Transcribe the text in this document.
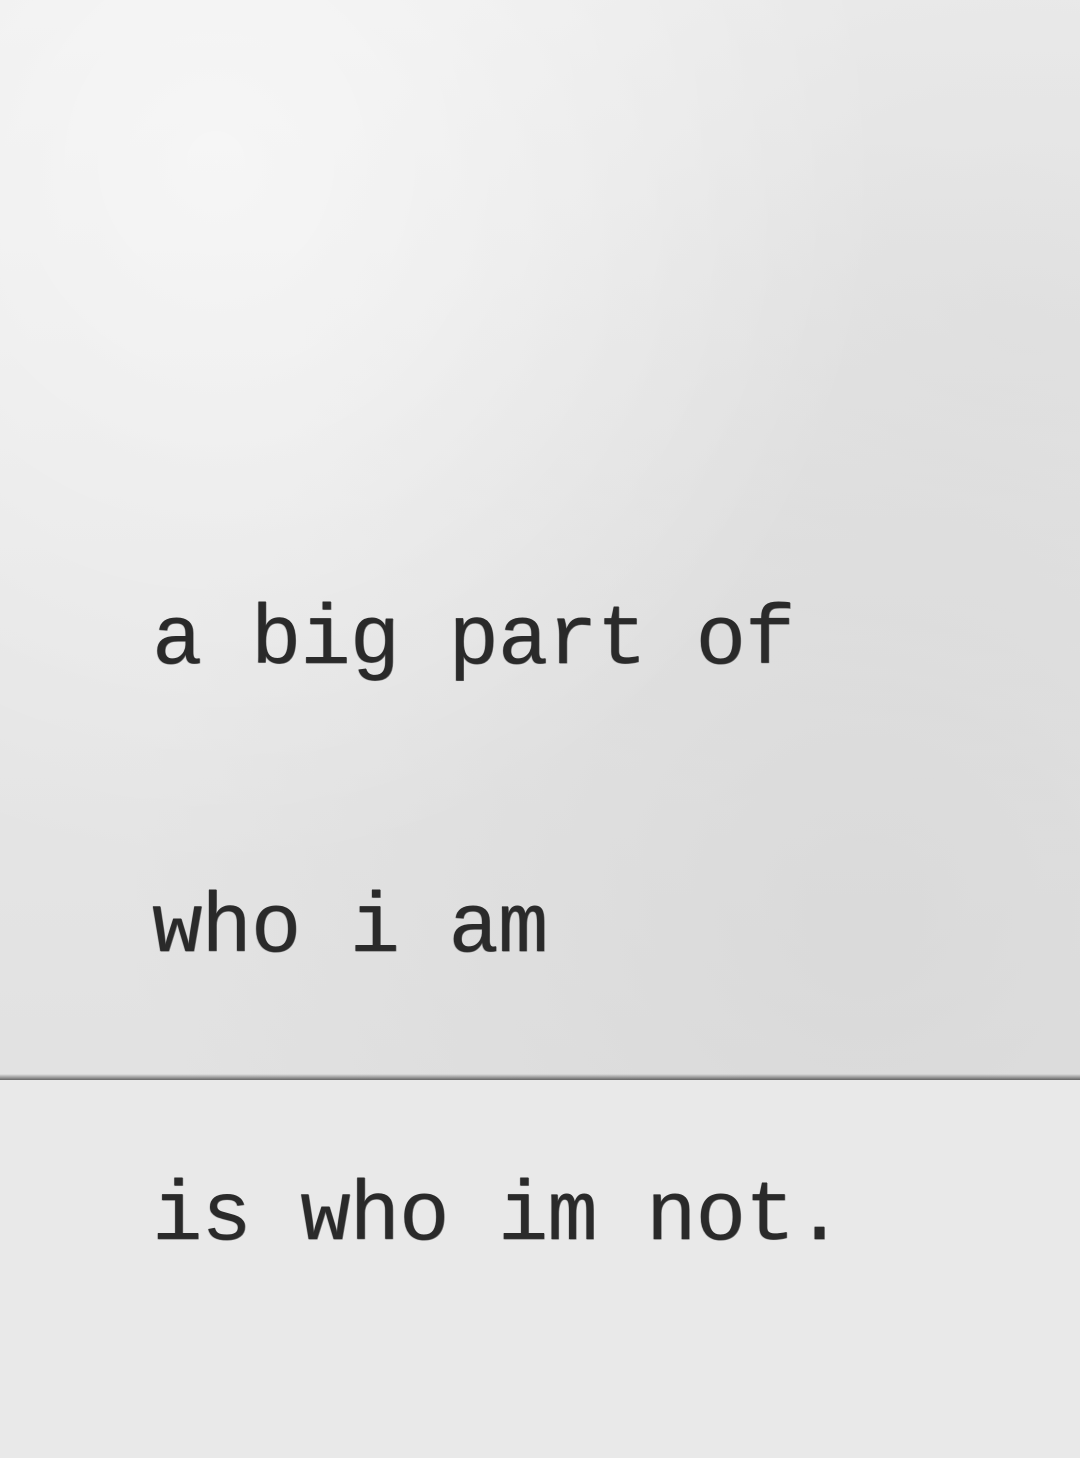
a big part of

who i am

is who im not.
